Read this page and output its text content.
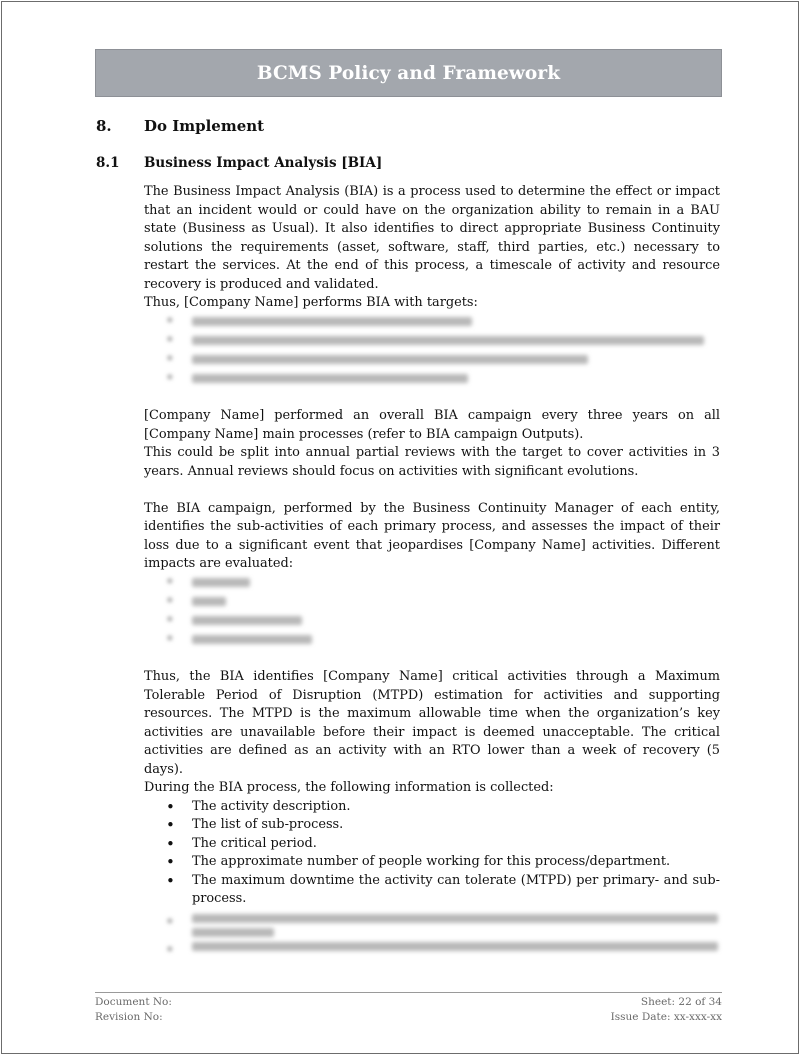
BCMS Policy and Framework
8. Do Implement
8.1 Business Impact Analysis [BIA]

The Business Impact Analysis (BIA) is a process used to determine the effect or impact that an incident would or could have on the organization ability to remain in a BAU state (Business as Usual). It also identifies to direct appropriate Business Continuity solutions the requirements (asset, software, staff, third parties, etc.) necessary to restart the services. At the end of this process, a timescale of activity and resource recovery is produced and validated.

Thus, [Company Name] performs BIA with targets:

•
•
•
•

[Company Name] performed an overall BIA campaign every three years on all [Company Name] main processes (refer to BIA campaign Outputs).

This could be split into annual partial reviews with the target to cover activities in 3 years. Annual reviews should focus on activities with significant evolutions.

The BIA campaign, performed by the Business Continuity Manager of each entity, identifies the sub-activities of each primary process, and assesses the impact of their loss due to a significant event that jeopardises [Company Name] activities. Different impacts are evaluated:

•
•
•
•

Thus, the BIA identifies [Company Name] critical activities through a Maximum Tolerable Period of Disruption (MTPD) estimation for activities and supporting resources. The MTPD is the maximum allowable time when the organization’s key activities are unavailable before their impact is deemed unacceptable. The critical activities are defined as an activity with an RTO lower than a week of recovery (5 days).

During the BIA process, the following information is collected:

• The activity description.
• The list of sub-process.
• The critical period.
• The approximate number of people working for this process/department.
• The maximum downtime the activity can tolerate (MTPD) per primary- and sub-process.
•
•
Document No:	Sheet: 22 of 34
Revision No:	Issue Date: xx-xxx-xx
